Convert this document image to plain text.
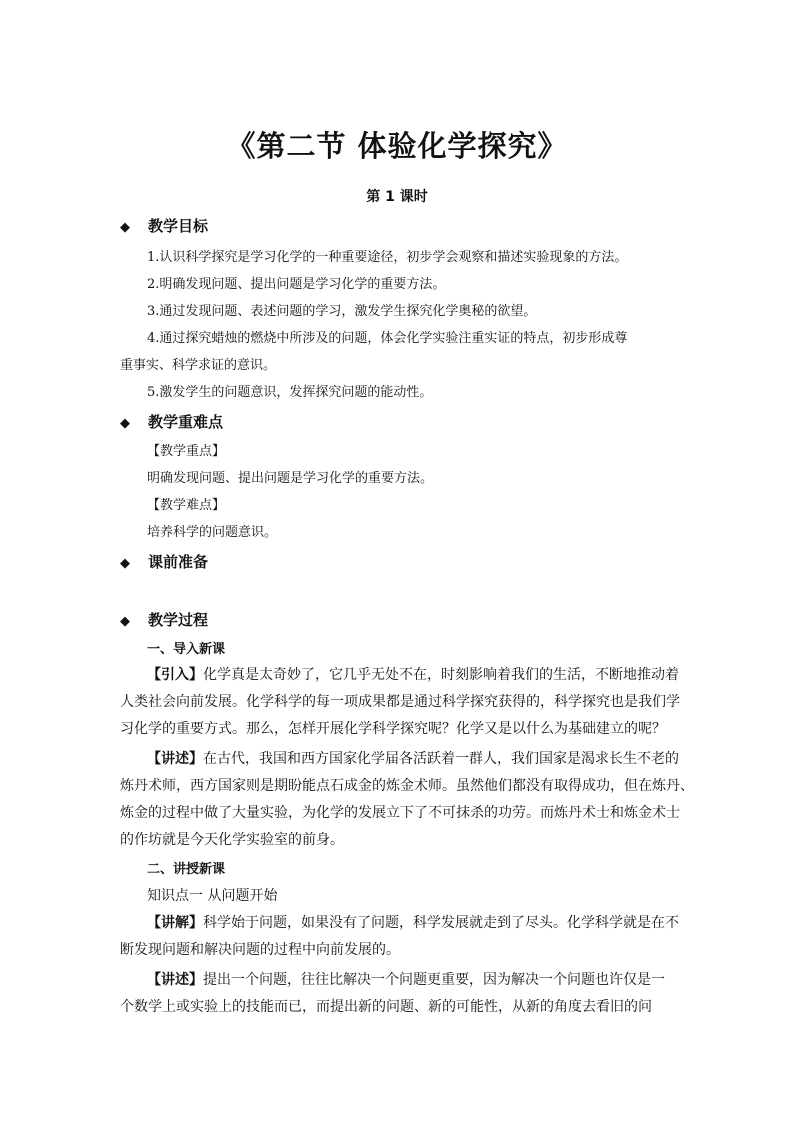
《第二节 体验化学探究》
第 1 课时
◆ 教学目标
1.认识科学探究是学习化学的一种重要途径，初步学会观察和描述实验现象的方法。
2.明确发现问题、提出问题是学习化学的重要方法。
3.通过发现问题、表述问题的学习，激发学生探究化学奥秘的欲望。
4.通过探究蜡烛的燃烧中所涉及的问题，体会化学实验注重实证的特点，初步形成尊
重事实、科学求证的意识。
5.激发学生的问题意识，发挥探究问题的能动性。
◆ 教学重难点
【教学重点】
明确发现问题、提出问题是学习化学的重要方法。
【教学难点】
培养科学的问题意识。
◆ 课前准备
◆ 教学过程
一、导入新课
【引入】化学真是太奇妙了，它几乎无处不在，时刻影响着我们的生活，不断地推动着
人类社会向前发展。化学科学的每一项成果都是通过科学探究获得的，科学探究也是我们学
习化学的重要方式。那么，怎样开展化学科学探究呢？化学又是以什么为基础建立的呢？
【讲述】在古代，我国和西方国家化学届各活跃着一群人，我们国家是渴求长生不老的
炼丹术师，西方国家则是期盼能点石成金的炼金术师。虽然他们都没有取得成功，但在炼丹、
炼金的过程中做了大量实验，为化学的发展立下了不可抹杀的功劳。而炼丹术士和炼金术士
的作坊就是今天化学实验室的前身。
二、讲授新课
知识点一 从问题开始
【讲解】科学始于问题，如果没有了问题，科学发展就走到了尽头。化学科学就是在不
断发现问题和解决问题的过程中向前发展的。
【讲述】提出一个问题，往往比解决一个问题更重要，因为解决一个问题也许仅是一
个数学上或实验上的技能而已，而提出新的问题、新的可能性，从新的角度去看旧的问
